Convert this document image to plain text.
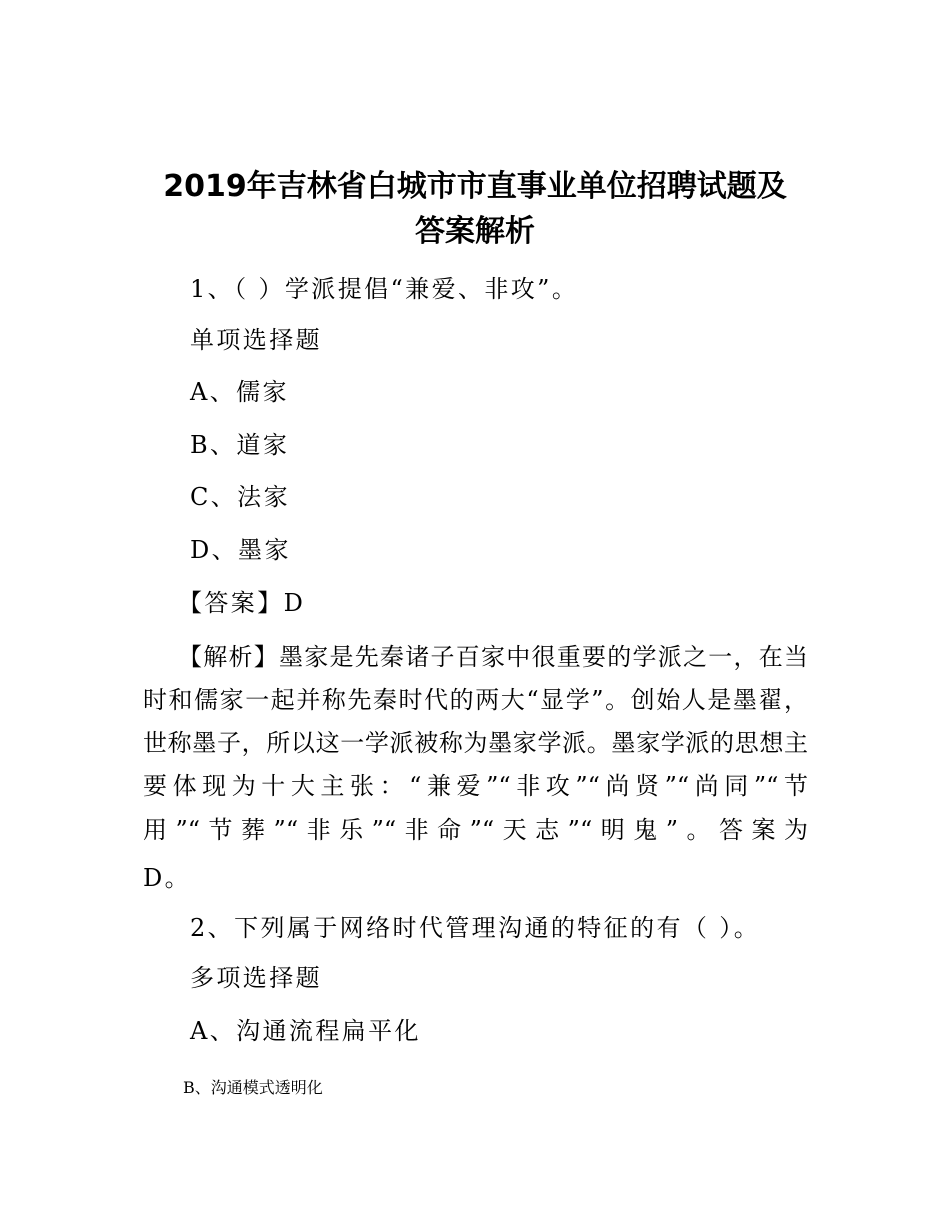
2019年吉林省白城市市直事业单位招聘试题及
答案解析
1、（ ）学派提倡“兼爱、非攻”。
单项选择题
A、儒家
B、道家
C、法家
D、墨家
【答案】D
【解析】墨家是先秦诸子百家中很重要的学派之一，在当
时和儒家一起并称先秦时代的两大“显学”。创始人是墨翟，
世称墨子，所以这一学派被称为墨家学派。墨家学派的思想主
要体现为十大主张：“兼爱”“非攻”“尚贤”“尚同”“节
用”“节葬”“非乐”“非命”“天志”“明鬼”。答案为
D。
2、下列属于网络时代管理沟通的特征的有（ ）。
多项选择题
A、沟通流程扁平化
B、沟通模式透明化
